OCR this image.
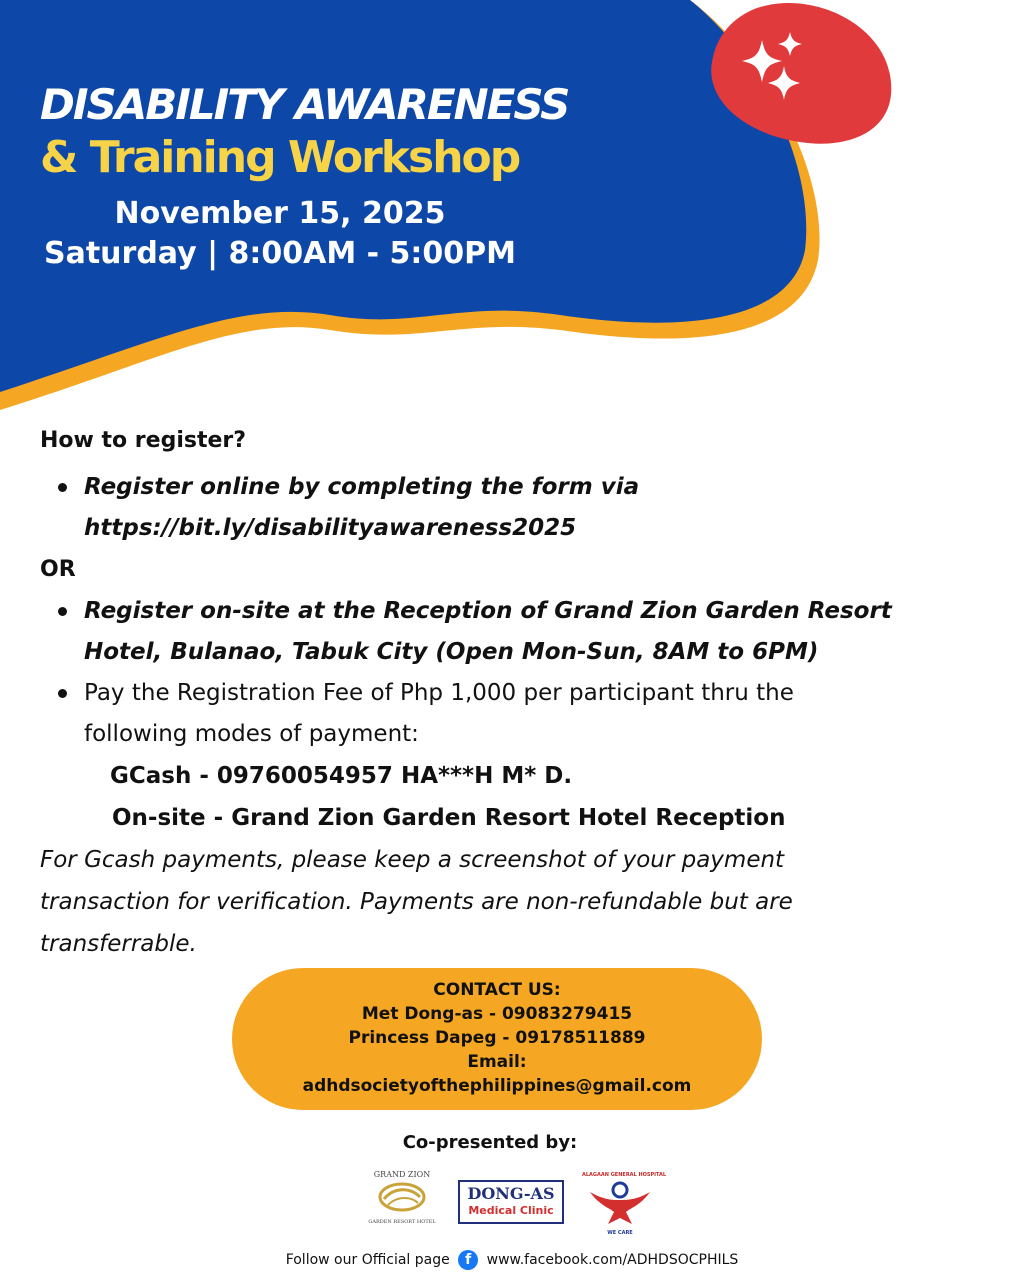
DISABILITY AWARENESS
& Training Workshop
November 15, 2025
Saturday | 8:00AM - 5:00PM
How to register?
Register online by completing the form via
https://bit.ly/disabilityawareness2025
OR
Register on-site at the Reception of Grand Zion Garden Resort
Hotel, Bulanao, Tabuk City (Open Mon-Sun, 8AM to 6PM)
Pay the Registration Fee of Php 1,000 per participant thru the
following modes of payment:
GCash - 09760054957 HA***H M* D.
On-site - Grand Zion Garden Resort Hotel Reception
For Gcash payments, please keep a screenshot of your payment
transaction for verification. Payments are non-refundable but are
transferrable.
CONTACT US:
Met Dong-as - 09083279415
Princess Dapeg - 09178511889
Email:
adhdsocietyofthephilippines@gmail.com
Co-presented by:
GRAND ZION
GARDEN RESORT HOTEL
DONG-AS
Medical Clinic
ALAGAAN GENERAL HOSPITAL
WE CARE
Follow our Official page f www.facebook.com/ADHDSOCPHILS
